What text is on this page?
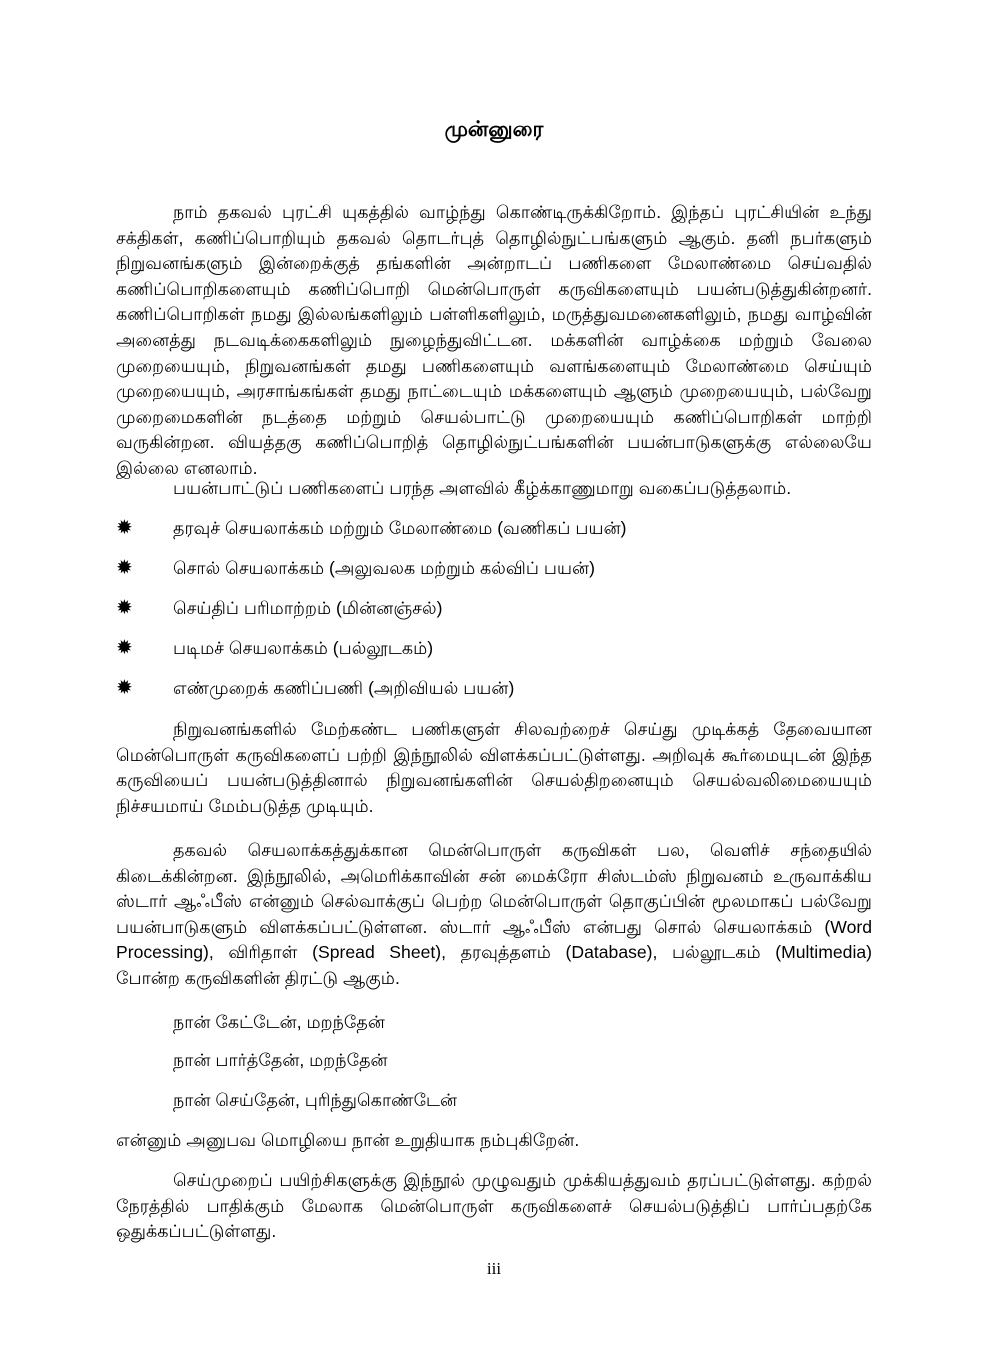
முன்னுரை

நாம் தகவல் புரட்சி யுகத்தில் வாழ்ந்து கொண்டிருக்கிறோம். இந்தப் புரட்சியின் உந்து சக்திகள், கணிப்பொறியும் தகவல் தொடர்புத் தொழில்நுட்பங்களும் ஆகும். தனி நபர்களும் நிறுவனங்களும் இன்றைக்குத் தங்களின் அன்றாடப் பணிகளை மேலாண்மை செய்வதில் கணிப்பொறிகளையும் கணிப்பொறி மென்பொருள் கருவிகளையும் பயன்படுத்துகின்றனர். கணிப்பொறிகள் நமது இல்லங்களிலும் பள்ளிகளிலும், மருத்துவமனைகளிலும், நமது வாழ்வின் அனைத்து நடவடிக்கைகளிலும் நுழைந்துவிட்டன. மக்களின் வாழ்க்கை மற்றும் வேலை முறையையும், நிறுவனங்கள் தமது பணிகளையும் வளங்களையும் மேலாண்மை செய்யும் முறையையும், அரசாங்கங்கள் தமது நாட்டையும் மக்களையும் ஆளும் முறையையும், பல்வேறு முறைமைகளின் நடத்தை மற்றும் செயல்பாட்டு முறையையும் கணிப்பொறிகள் மாற்றி வருகின்றன. வியத்தகு கணிப்பொறித் தொழில்நுட்பங்களின் பயன்பாடுகளுக்கு எல்லையே இல்லை எனலாம்.

பயன்பாட்டுப் பணிகளைப் பரந்த அளவில் கீழ்க்காணுமாறு வகைப்படுத்தலாம்.

✹ தரவுச் செயலாக்கம் மற்றும் மேலாண்மை (வணிகப் பயன்)
✹ சொல் செயலாக்கம் (அலுவலக மற்றும் கல்விப் பயன்)
✹ செய்திப் பரிமாற்றம் (மின்னஞ்சல்)
✹ படிமச் செயலாக்கம் (பல்லூடகம்)
✹ எண்முறைக் கணிப்பணி (அறிவியல் பயன்)

நிறுவனங்களில் மேற்கண்ட பணிகளுள் சிலவற்றைச் செய்து முடிக்கத் தேவையான மென்பொருள் கருவிகளைப் பற்றி இந்நூலில் விளக்கப்பட்டுள்ளது. அறிவுக் கூர்மையுடன் இந்த கருவியைப் பயன்படுத்தினால் நிறுவனங்களின் செயல்திறனையும் செயல்வலிமையையும் நிச்சயமாய் மேம்படுத்த முடியும்.

தகவல் செயலாக்கத்துக்கான மென்பொருள் கருவிகள் பல, வெளிச் சந்தையில் கிடைக்கின்றன. இந்நூலில், அமெரிக்காவின் சன் மைக்ரோ சிஸ்டம்ஸ் நிறுவனம் உருவாக்கிய ஸ்டார் ஆஃபீஸ் என்னும் செல்வாக்குப் பெற்ற மென்பொருள் தொகுப்பின் மூலமாகப் பல்வேறு பயன்பாடுகளும் விளக்கப்பட்டுள்ளன. ஸ்டார் ஆஃபீஸ் என்பது சொல் செயலாக்கம் (Word Processing), விரிதாள் (Spread Sheet), தரவுத்தளம் (Database), பல்லூடகம் (Multimedia) போன்ற கருவிகளின் திரட்டு ஆகும்.

நான் கேட்டேன், மறந்தேன்

நான் பார்த்தேன், மறந்தேன்

நான் செய்தேன், புரிந்துகொண்டேன்

என்னும் அனுபவ மொழியை நான் உறுதியாக நம்புகிறேன்.

செய்முறைப் பயிற்சிகளுக்கு இந்நூல் முழுவதும் முக்கியத்துவம் தரப்பட்டுள்ளது. கற்றல் நேரத்தில் பாதிக்கும் மேலாக மென்பொருள் கருவிகளைச் செயல்படுத்திப் பார்ப்பதற்கே ஒதுக்கப்பட்டுள்ளது.

iii
